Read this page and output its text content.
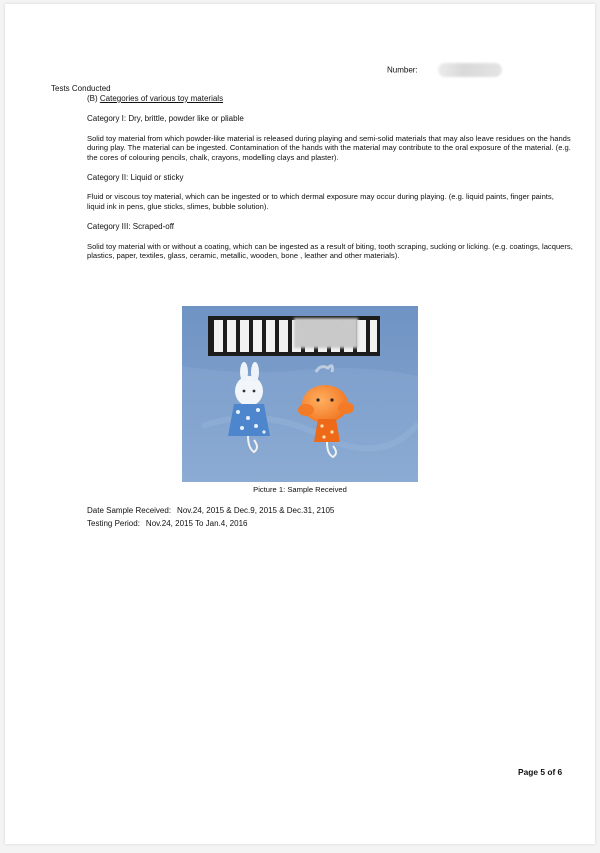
Number:
Tests Conducted
(B) Categories of various toy materials
Category I: Dry, brittle, powder like or pliable
Solid toy material from which powder-like material is released during playing and semi-solid materials that may also leave residues on the hands during play. The material can be ingested. Contamination of the hands with the material may contribute to the oral exposure of the material. (e.g. the cores of colouring pencils, chalk, crayons, modelling clays and plaster).
Category II: Liquid or sticky
Fluid or viscous toy material, which can be ingested or to which dermal exposure may occur during playing. (e.g. liquid paints, finger paints, liquid ink in pens, glue sticks, slimes, bubble solution).
Category III: Scraped-off
Solid toy material with or without a coating, which can be ingested as a result of biting, tooth scraping, sucking or licking. (e.g. coatings, lacquers, plastics, paper, textiles, glass, ceramic, metallic, wooden, bone , leather and other materials).
Picture 1: Sample Received
Date Sample Received: Nov.24, 2015 & Dec.9, 2015 & Dec.31, 2105
Testing Period: Nov.24, 2015 To Jan.4, 2016
Page 5 of 6
